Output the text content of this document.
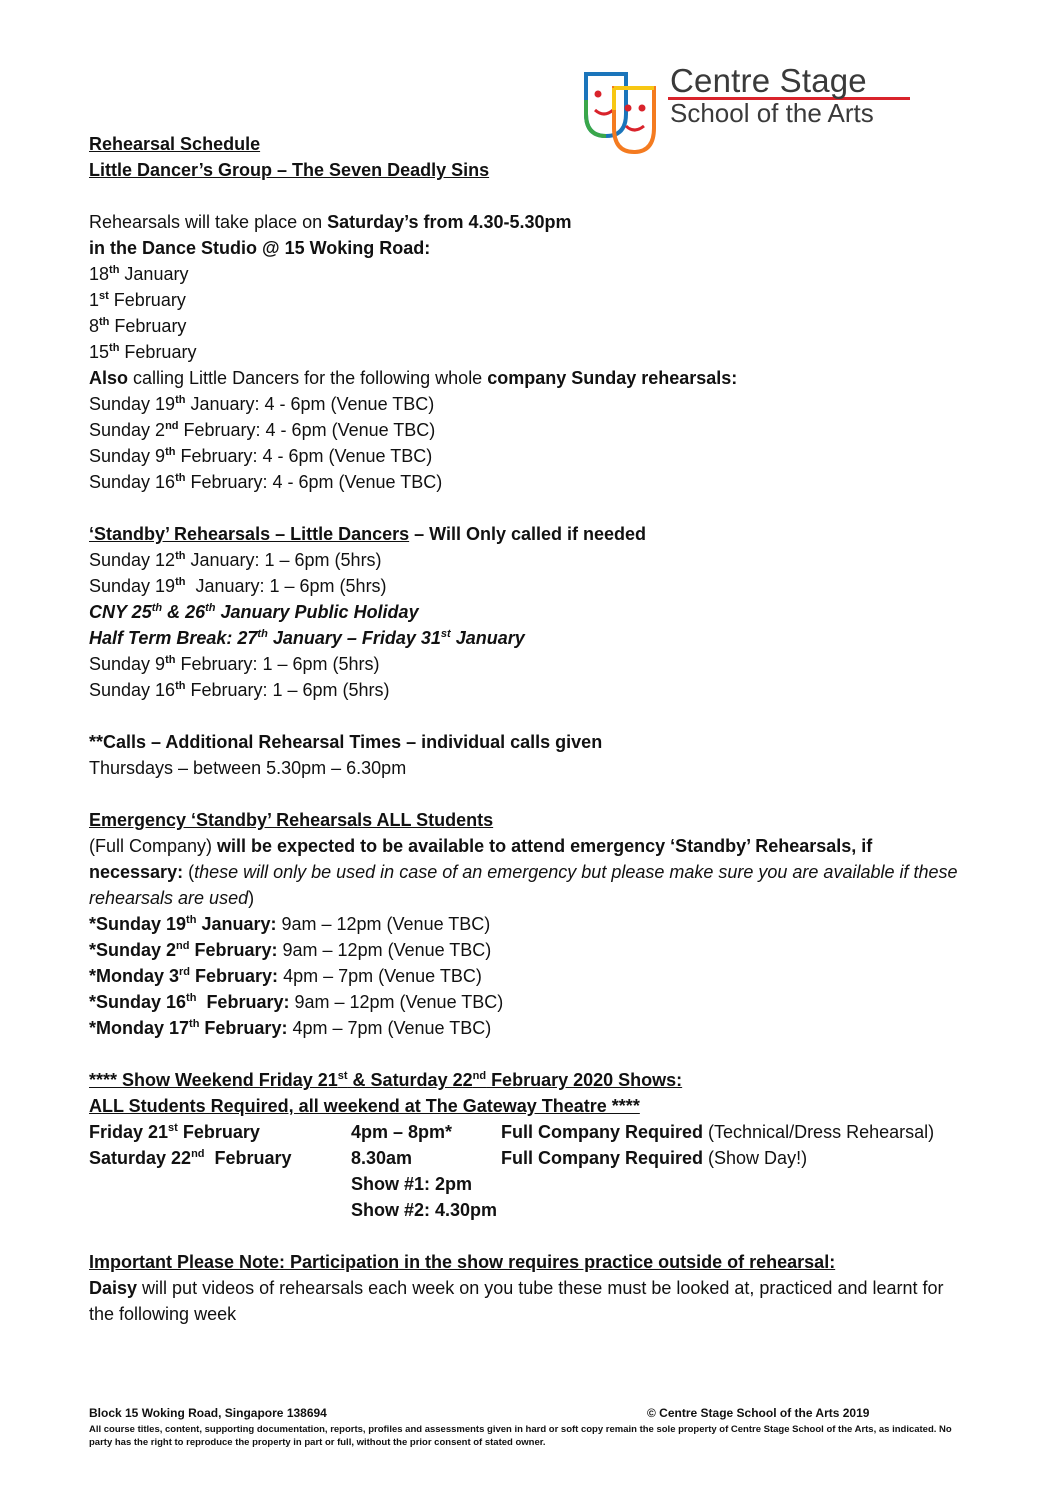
Centre Stage
School of the Arts
Rehearsal Schedule
Little Dancer’s Group – The Seven Deadly Sins
Rehearsals will take place on Saturday’s from 4.30-5.30pm
in the Dance Studio @ 15 Woking Road:
18th January
1st February
8th February
15th February
Also calling Little Dancers for the following whole company Sunday rehearsals:
Sunday 19th January: 4 - 6pm (Venue TBC)
Sunday 2nd February: 4 - 6pm (Venue TBC)
Sunday 9th February: 4 - 6pm (Venue TBC)
Sunday 16th February: 4 - 6pm (Venue TBC)
‘Standby’ Rehearsals – Little Dancers – Will Only called if needed
Sunday 12th January: 1 – 6pm (5hrs)
Sunday 19th  January: 1 – 6pm (5hrs)
CNY 25th & 26th January Public Holiday
Half Term Break: 27th January – Friday 31st January
Sunday 9th February: 1 – 6pm (5hrs)
Sunday 16th February: 1 – 6pm (5hrs)
**Calls – Additional Rehearsal Times – individual calls given
Thursdays – between 5.30pm – 6.30pm
Emergency ‘Standby’ Rehearsals ALL Students
(Full Company) will be expected to be available to attend emergency ‘Standby’ Rehearsals, if necessary: (these will only be used in case of an emergency but please make sure you are available if these rehearsals are used)
*Sunday 19th January: 9am – 12pm (Venue TBC)
*Sunday 2nd February: 9am – 12pm (Venue TBC)
*Monday 3rd February: 4pm – 7pm (Venue TBC)
*Sunday 16th  February: 9am – 12pm (Venue TBC)
*Monday 17th February: 4pm – 7pm (Venue TBC)
**** Show Weekend Friday 21st & Saturday 22nd February 2020 Shows:
ALL Students Required, all weekend at The Gateway Theatre ****
Friday 21st February	4pm – 8pm*	Full Company Required (Technical/Dress Rehearsal)
Saturday 22nd  February	8.30am	Full Company Required (Show Day!)
Show #1: 2pm
Show #2: 4.30pm
Important Please Note: Participation in the show requires practice outside of rehearsal:
Daisy will put videos of rehearsals each week on you tube these must be looked at, practiced and learnt for the following week
Block 15 Woking Road, Singapore 138694	© Centre Stage School of the Arts 2019
All course titles, content, supporting documentation, reports, profiles and assessments given in hard or soft copy remain the sole property of Centre Stage School of the Arts, as indicated. No party has the right to reproduce the property in part or full, without the prior consent of stated owner.
